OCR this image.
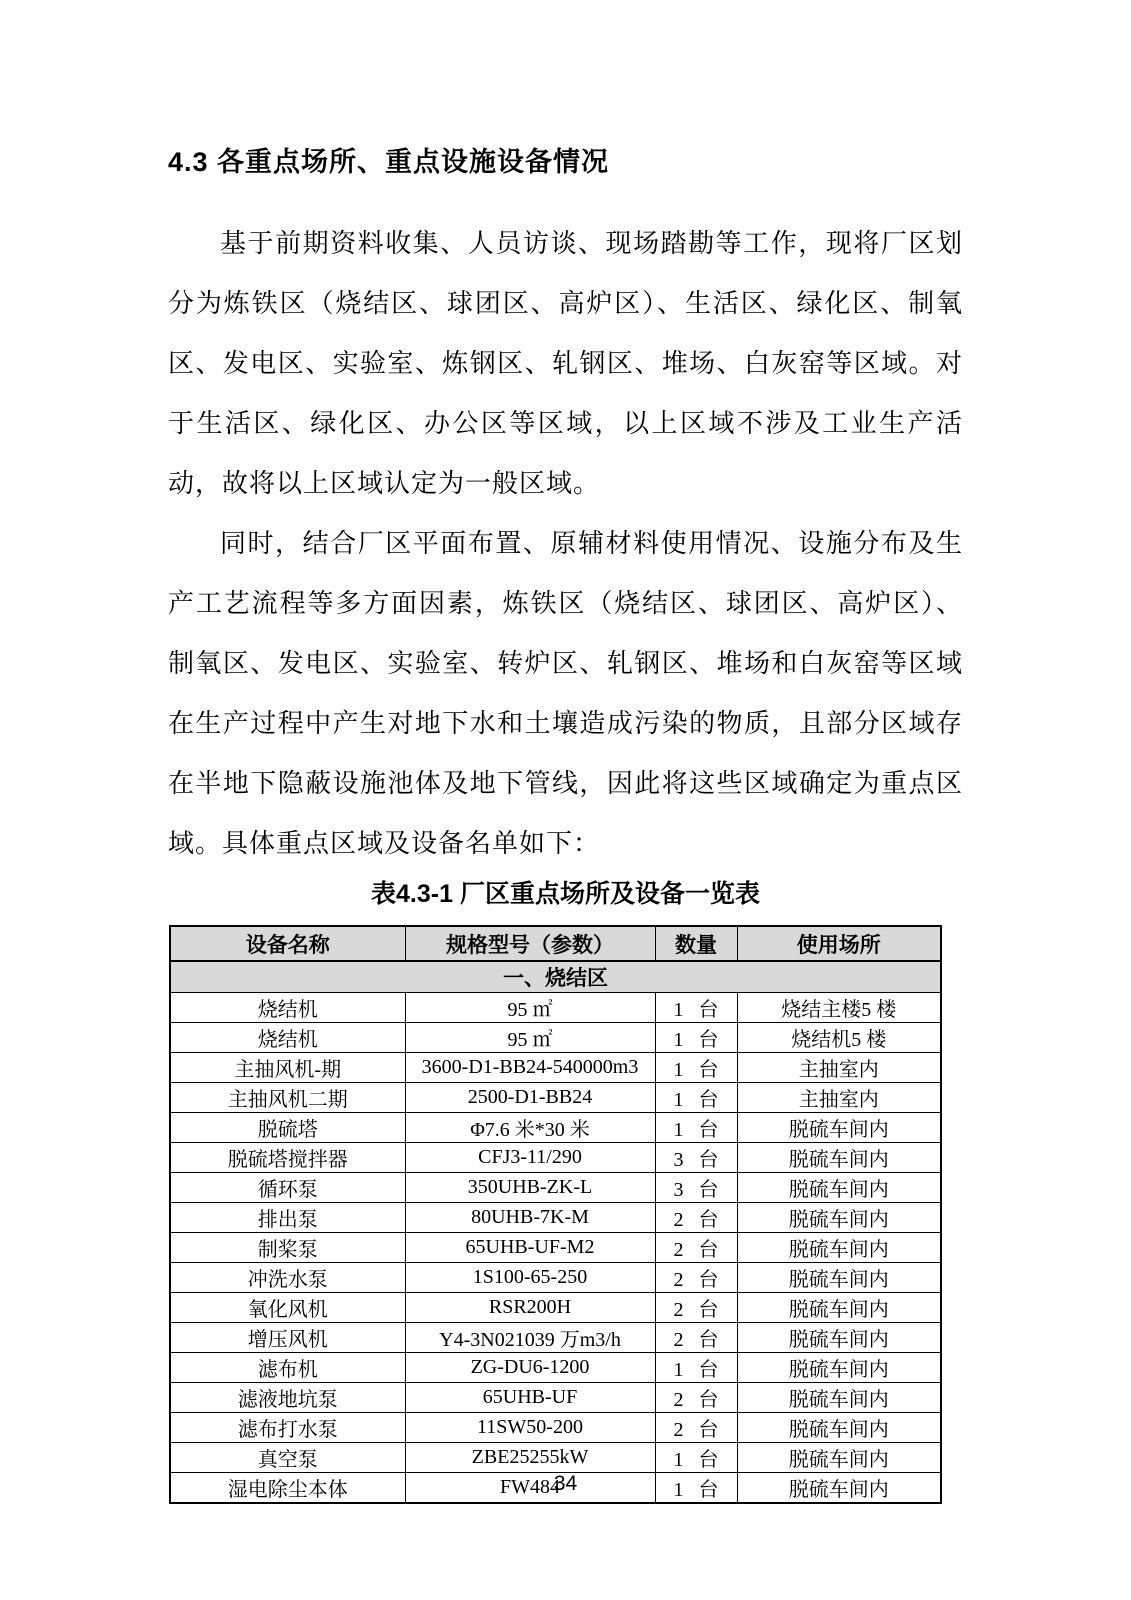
4.3 各重点场所、重点设施设备情况

基于前期资料收集、人员访谈、现场踏勘等工作，现将厂区划分为炼铁区（烧结区、球团区、高炉区）、生活区、绿化区、制氧区、发电区、实验室、炼钢区、轧钢区、堆场、白灰窑等区域。对于生活区、绿化区、办公区等区域，以上区域不涉及工业生产活动，故将以上区域认定为一般区域。

同时，结合厂区平面布置、原辅材料使用情况、设施分布及生产工艺流程等多方面因素，炼铁区（烧结区、球团区、高炉区）、制氧区、发电区、实验室、转炉区、轧钢区、堆场和白灰窑等区域在生产过程中产生对地下水和土壤造成污染的物质，且部分区域存在半地下隐蔽设施池体及地下管线，因此将这些区域确定为重点区域。具体重点区域及设备名单如下：

表4.3-1 厂区重点场所及设备一览表
设备名称	规格型号（参数）	数量	使用场所
一、烧结区			
烧结机	95 ㎡	1 台	烧结主楼5 楼
烧结机	95 ㎡	1 台	烧结机5 楼
主抽风机-期	3600-D1-BB24-540000m3	1 台	主抽室内
主抽风机二期	2500-D1-BB24	1 台	主抽室内
脱硫塔	Φ7.6 米*30 米	1 台	脱硫车间内
脱硫塔搅拌器	CFJ3-11/290	3 台	脱硫车间内
循环泵	350UHB-ZK-L	3 台	脱硫车间内
排出泵	80UHB-7K-M	2 台	脱硫车间内
制桨泵	65UHB-UF-M2	2 台	脱硫车间内
冲洗水泵	1S100-65-250	2 台	脱硫车间内
氧化风机	RSR200H	2 台	脱硫车间内
增压风机	Y4-3N021039 万m3/h	2 台	脱硫车间内
滤布机	ZG-DU6-1200	1 台	脱硫车间内
滤液地坑泵	65UHB-UF	2 台	脱硫车间内
滤布打水泵	11SW50-200	2 台	脱硫车间内
真空泵	ZBE25255kW	1 台	脱硫车间内
湿电除尘本体	FW484	1 台	脱硫车间内
34
